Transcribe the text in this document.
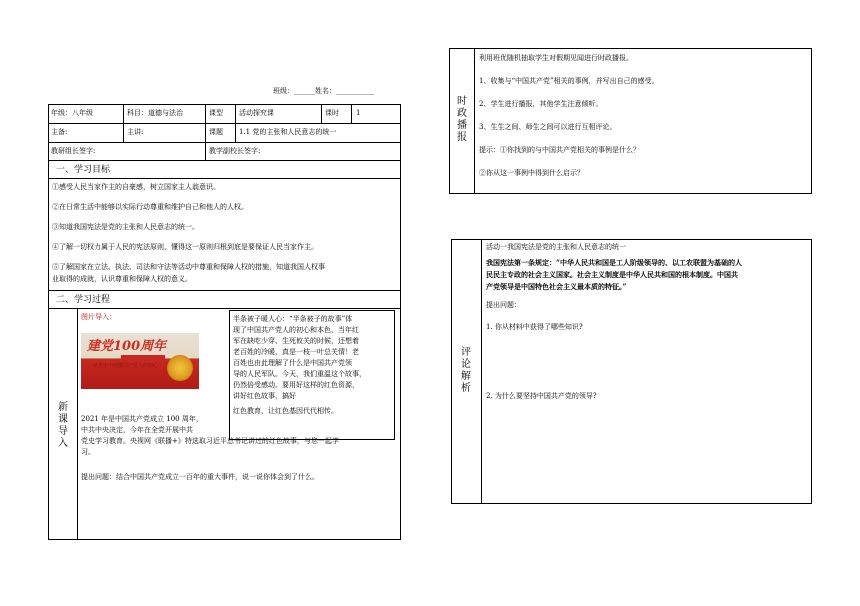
班级：______姓名：___________
年级：八年级	科目：道德与法治	课型 活动探究课	课时 1
主备:	主讲:	课题 1.1 党的主张和人民意志的统一
教研组长签字:	教学副校长签字:
一、学习目标
①感受人民当家作主的自豪感，树立国家主人翁意识。
②在日常生活中能够以实际行动尊重和维护自己和他人的人权。
③知道我国宪法是党的主张和人民意志的统一。
④了解一切权力属于人民的宪法原则，懂得这一原则归根到底是要保证人民当家作主。
⑤了解国家在立法、执法、司法和守法等活动中尊重和保障人权的措施，知道我国人权事
业取得的成就，认识尊重和保障人权的意义。
二、学习过程
新课导入
图片导入：
建党100周年
从党史中读懂共产党人的初心
半条被子暖人心：“半条被子的故事”体
现了中国共产党人的初心和本色，当年红
军在缺吃少穿、生死攸关的时候，还想着
老百姓的冷暖，真是一枝一叶总关情！老
百姓也由此理解了什么是中国共产党领
导的人民军队。今天，我们重温这个故事，
仍然倍受感动。要用好这样的红色资源，
讲好红色故事，搞好
红色教育，让红色基因代代相传。
2021 年是中国共产党成立 100 周年，
中共中央决定，今年在全党开展中共
党史学习教育。央视网《联播+》特选取习近平总书记讲过的红色故事，与您一起学
习。
提出问题：结合中国共产党成立一百年的重大事件，说一说你体会到了什么。
时政播报
利用班优随机抽取学生对假期见闻进行时政播报。
1、收集与“中国共产党”相关的事例，并写出自己的感受。
2、学生进行播报，其他学生注意倾听。
3、生生之间、师生之间可以进行互相评论。
提示：①你找到的与中国共产党相关的事例是什么？
②你从这一事例中得到什么启示？
评论解析
活动一我国宪法是党的主张和人民意志的统一
我国宪法第一条规定：“中华人民共和国是工人阶级领导的、以工农联盟为基础的人
民民主专政的社会主义国家。社会主义制度是中华人民共和国的根本制度。中国共
产党领导是中国特色社会主义最本质的特征。”
提出问题：
1. 你从材料中获得了哪些知识?
2. 为什么要坚持中国共产党的领导?
